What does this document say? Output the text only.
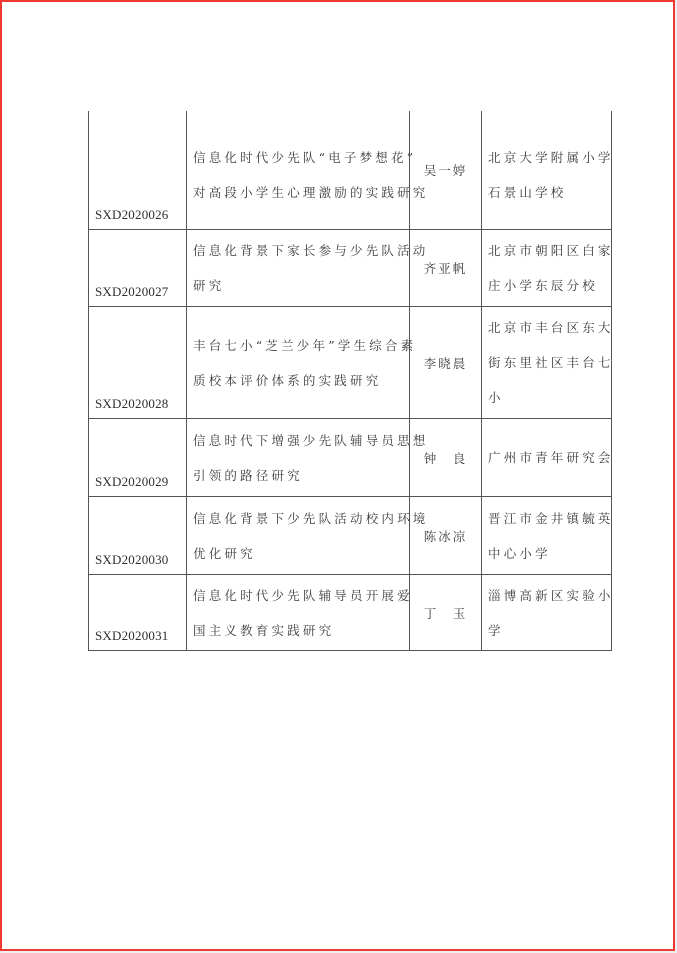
SXD2020026	信息化时代少先队“电子梦想花”
对高段小学生心理激励的实践研究	吴一婷	北京大学附属小学
石景山学校

SXD2020027	信息化背景下家长参与少先队活动
研究	齐亚帆	北京市朝阳区白家
庄小学东辰分校

SXD2020028	丰台七小“芝兰少年”学生综合素
质校本评价体系的实践研究	李晓晨	北京市丰台区东大
街东里社区丰台七
小

SXD2020029	信息时代下增强少先队辅导员思想
引领的路径研究	钟　良	广州市青年研究会

SXD2020030	信息化背景下少先队活动校内环境
优化研究	陈冰凉	晋江市金井镇毓英
中心小学

SXD2020031	信息化时代少先队辅导员开展爱
国主义教育实践研究	丁　玉	淄博高新区实验小
学
